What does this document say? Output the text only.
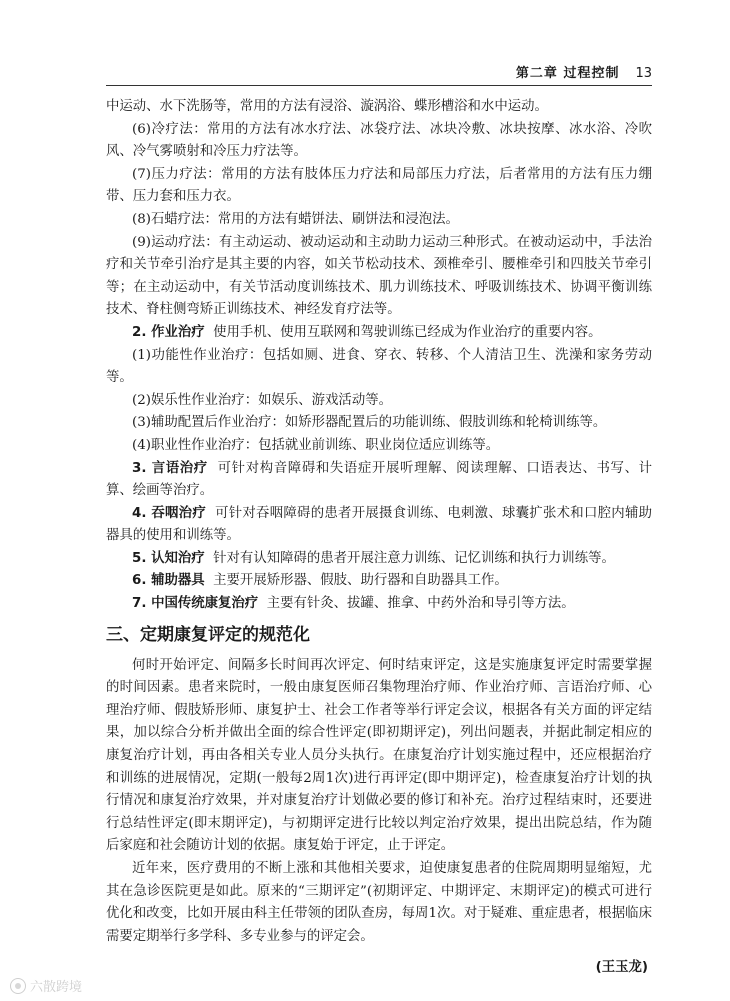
第二章 过程控制 13

中运动、水下洗肠等，常用的方法有浸浴、漩涡浴、蝶形槽浴和水中运动。

(6)冷疗法：常用的方法有冰水疗法、冰袋疗法、冰块冷敷、冰块按摩、冰水浴、冷吹风、冷气雾喷射和冷压力疗法等。

(7)压力疗法：常用的方法有肢体压力疗法和局部压力疗法，后者常用的方法有压力绷带、压力套和压力衣。

(8)石蜡疗法：常用的方法有蜡饼法、刷饼法和浸泡法。

(9)运动疗法：有主动运动、被动运动和主动助力运动三种形式。在被动运动中，手法治疗和关节牵引治疗是其主要的内容，如关节松动技术、颈椎牵引、腰椎牵引和四肢关节牵引等；在主动运动中，有关节活动度训练技术、肌力训练技术、呼吸训练技术、协调平衡训练技术、脊柱侧弯矫正训练技术、神经发育疗法等。

2. 作业治疗 使用手机、使用互联网和驾驶训练已经成为作业治疗的重要内容。

(1)功能性作业治疗：包括如厕、进食、穿衣、转移、个人清洁卫生、洗澡和家务劳动等。

(2)娱乐性作业治疗：如娱乐、游戏活动等。

(3)辅助配置后作业治疗：如矫形器配置后的功能训练、假肢训练和轮椅训练等。

(4)职业性作业治疗：包括就业前训练、职业岗位适应训练等。

3. 言语治疗 可针对构音障碍和失语症开展听理解、阅读理解、口语表达、书写、计算、绘画等治疗。

4. 吞咽治疗 可针对吞咽障碍的患者开展摄食训练、电刺激、球囊扩张术和口腔内辅助器具的使用和训练等。

5. 认知治疗 针对有认知障碍的患者开展注意力训练、记忆训练和执行力训练等。

6. 辅助器具 主要开展矫形器、假肢、助行器和自助器具工作。

7. 中国传统康复治疗 主要有针灸、拔罐、推拿、中药外治和导引等方法。

三、定期康复评定的规范化

何时开始评定、间隔多长时间再次评定、何时结束评定，这是实施康复评定时需要掌握的时间因素。患者来院时，一般由康复医师召集物理治疗师、作业治疗师、言语治疗师、心理治疗师、假肢矫形师、康复护士、社会工作者等举行评定会议，根据各有关方面的评定结果，加以综合分析并做出全面的综合性评定(即初期评定)，列出问题表，并据此制定相应的康复治疗计划，再由各相关专业人员分头执行。在康复治疗计划实施过程中，还应根据治疗和训练的进展情况，定期(一般每2周1次)进行再评定(即中期评定)，检查康复治疗计划的执行情况和康复治疗效果，并对康复治疗计划做必要的修订和补充。治疗过程结束时，还要进行总结性评定(即末期评定)，与初期评定进行比较以判定治疗效果，提出出院总结，作为随后家庭和社会随访计划的依据。康复始于评定，止于评定。

近年来，医疗费用的不断上涨和其他相关要求，迫使康复患者的住院周期明显缩短，尤其在急诊医院更是如此。原来的“三期评定”(初期评定、中期评定、末期评定)的模式可进行优化和改变，比如开展由科主任带领的团队查房，每周1次。对于疑难、重症患者，根据临床需要定期举行多学科、多专业参与的评定会。

(王玉龙)
六散跨境
